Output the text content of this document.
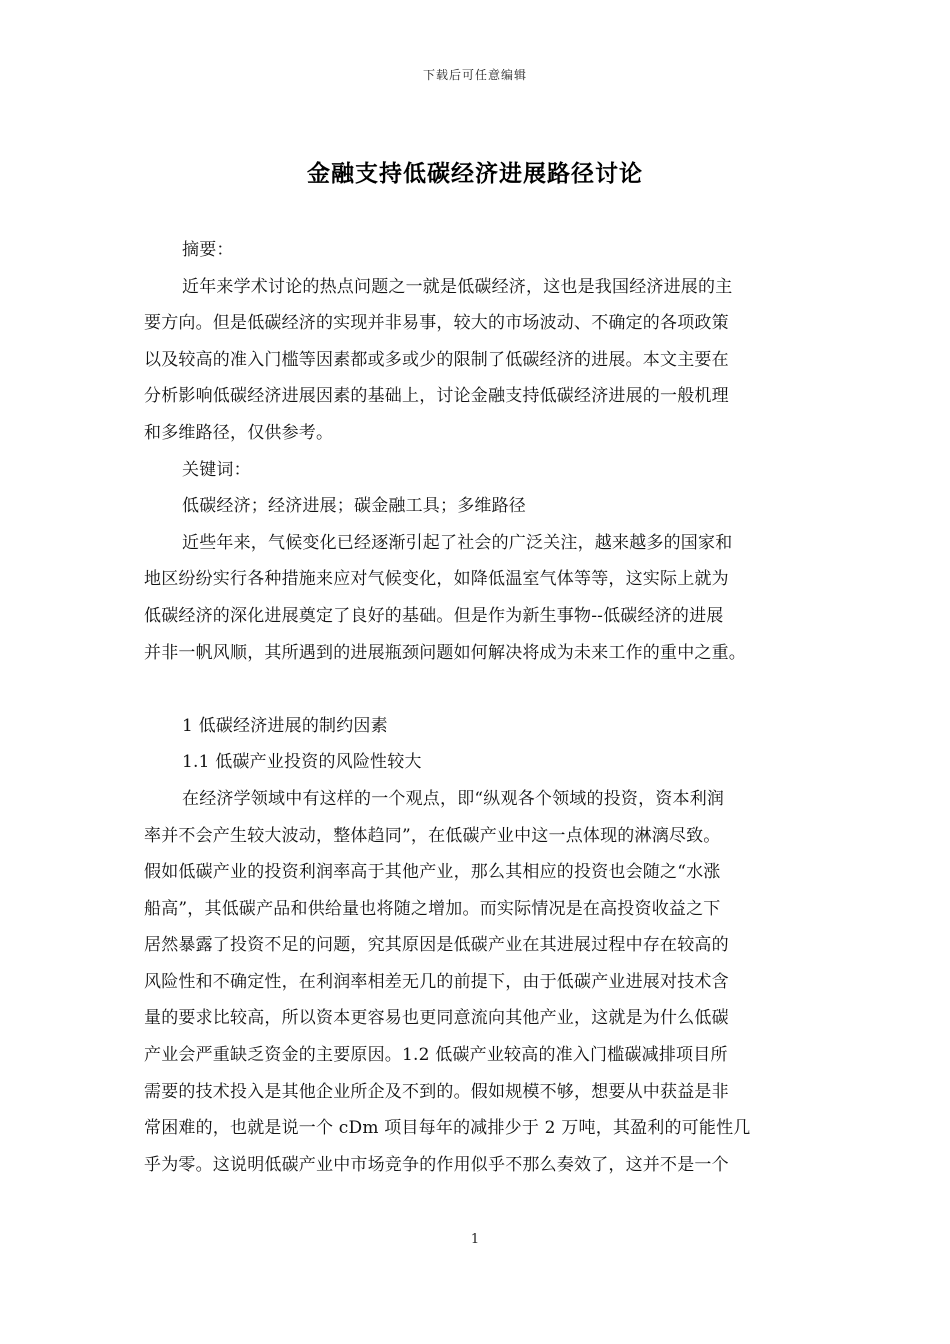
下载后可任意编辑
金融支持低碳经济进展路径讨论
摘要：
近年来学术讨论的热点问题之一就是低碳经济，这也是我国经济进展的主
要方向。但是低碳经济的实现并非易事，较大的市场波动、不确定的各项政策
以及较高的准入门槛等因素都或多或少的限制了低碳经济的进展。本文主要在
分析影响低碳经济进展因素的基础上，讨论金融支持低碳经济进展的一般机理
和多维路径，仅供参考。
关键词：
低碳经济；经济进展；碳金融工具；多维路径
近些年来，气候变化已经逐渐引起了社会的广泛关注，越来越多的国家和
地区纷纷实行各种措施来应对气候变化，如降低温室气体等等，这实际上就为
低碳经济的深化进展奠定了良好的基础。但是作为新生事物--低碳经济的进展
并非一帆风顺，其所遇到的进展瓶颈问题如何解决将成为未来工作的重中之重。
1 低碳经济进展的制约因素
1.1 低碳产业投资的风险性较大
在经济学领域中有这样的一个观点，即“纵观各个领域的投资，资本利润
率并不会产生较大波动，整体趋同”，在低碳产业中这一点体现的淋漓尽致。
假如低碳产业的投资利润率高于其他产业，那么其相应的投资也会随之“水涨
船高”，其低碳产品和供给量也将随之增加。而实际情况是在高投资收益之下
居然暴露了投资不足的问题，究其原因是低碳产业在其进展过程中存在较高的
风险性和不确定性，在利润率相差无几的前提下，由于低碳产业进展对技术含
量的要求比较高，所以资本更容易也更同意流向其他产业，这就是为什么低碳
产业会严重缺乏资金的主要原因。1.2 低碳产业较高的准入门槛碳减排项目所
需要的技术投入是其他企业所企及不到的。假如规模不够，想要从中获益是非
常困难的，也就是说一个 cDm 项目每年的减排少于 2 万吨，其盈利的可能性几
乎为零。这说明低碳产业中市场竞争的作用似乎不那么奏效了，这并不是一个
1
